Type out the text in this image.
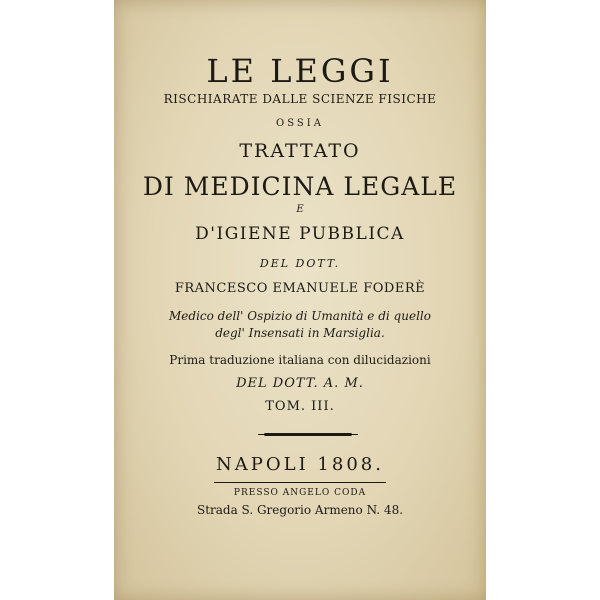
LE LEGGI
RISCHIARATE DALLE SCIENZE FISICHE
OSSIA
TRATTATO
DI MEDICINA LEGALE
E
D'IGIENE PUBBLICA
DEL DOTT.
FRANCESCO EMANUELE FODERÈ
Medico dell' Ospizio di Umanità e di quello
degl' Insensati in Marsiglia.
Prima traduzione italiana con dilucidazioni
DEL DOTT. A. M.
TOM. III.
NAPOLI 1808.
PRESSO ANGELO CODA
Strada S. Gregorio Armeno N. 48.
